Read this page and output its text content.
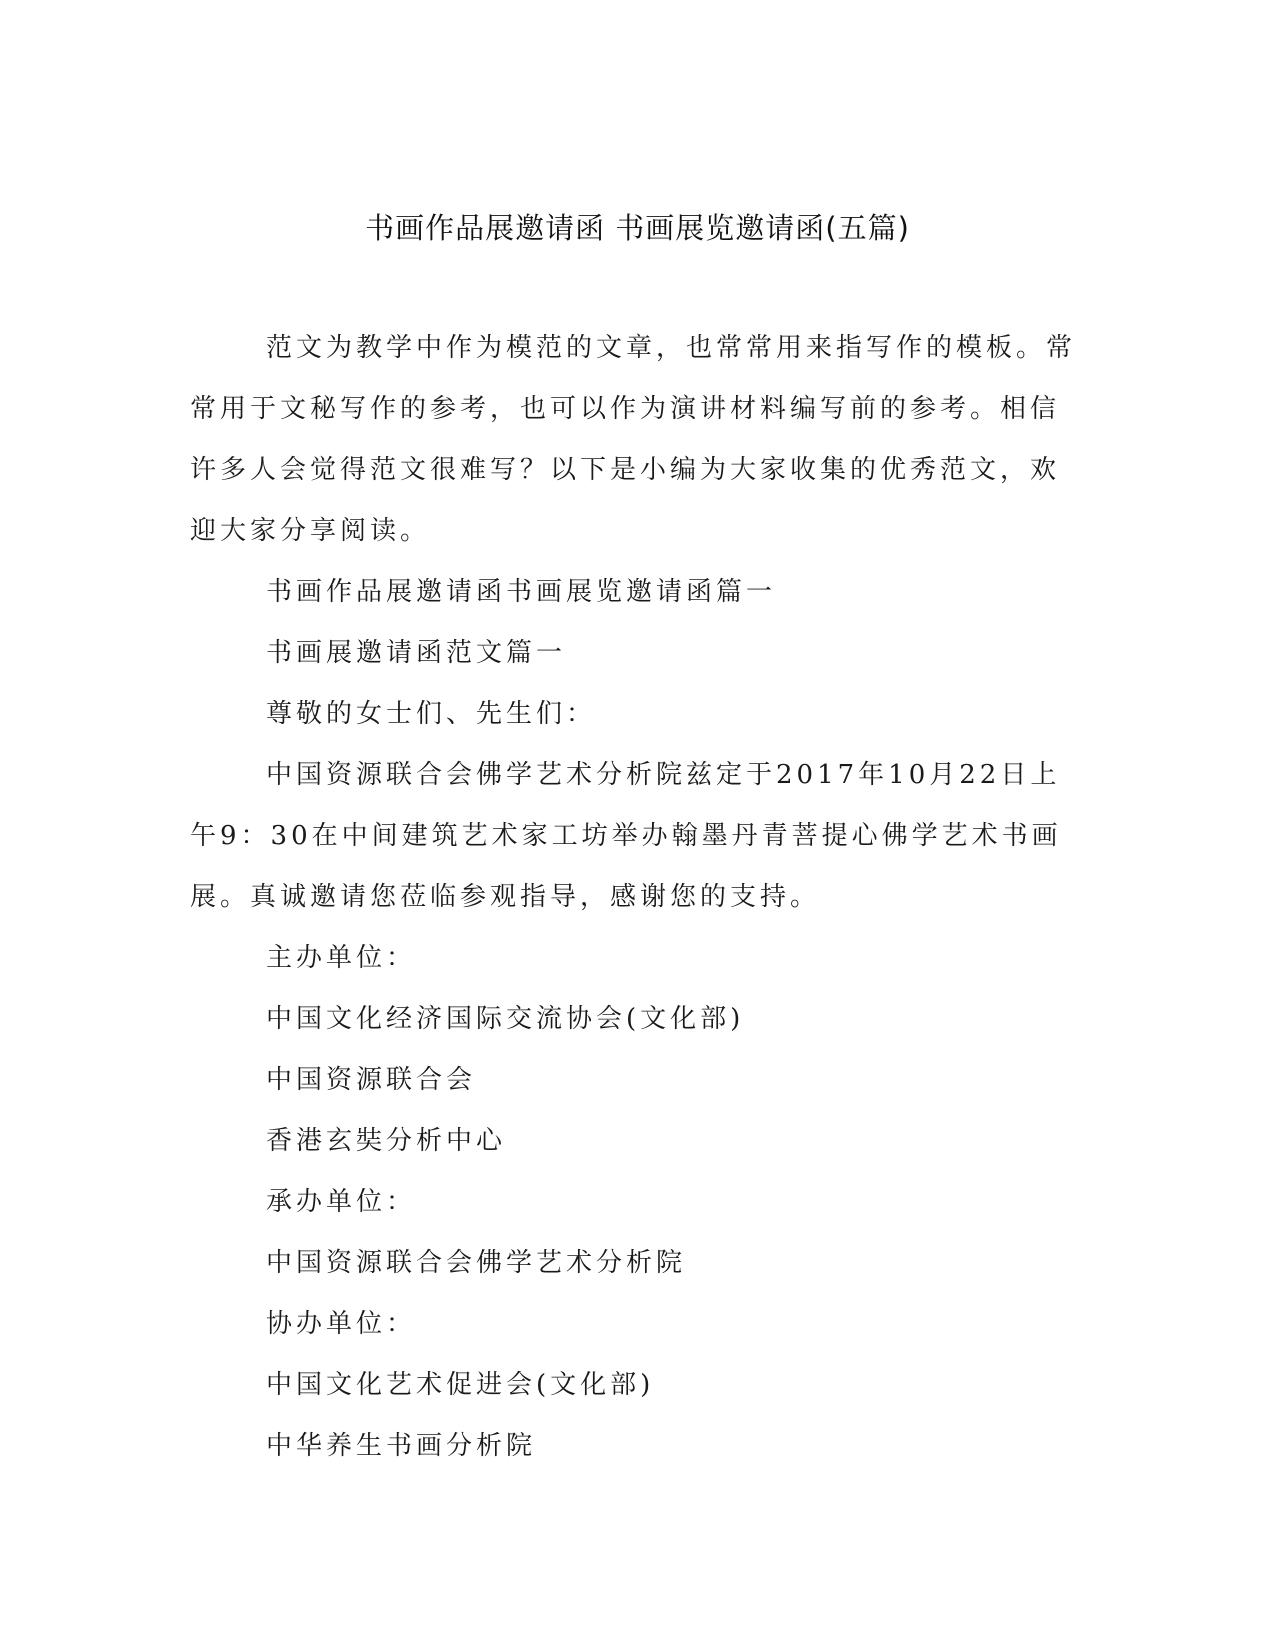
书画作品展邀请函 书画展览邀请函(五篇)

范文为教学中作为模范的文章，也常常用来指写作的模板。常常用于文秘写作的参考，也可以作为演讲材料编写前的参考。相信许多人会觉得范文很难写？以下是小编为大家收集的优秀范文，欢迎大家分享阅读。

书画作品展邀请函书画展览邀请函篇一

书画展邀请函范文篇一

尊敬的女士们、先生们：

中国资源联合会佛学艺术分析院兹定于2017年10月22日上午9：30在中间建筑艺术家工坊举办翰墨丹青菩提心佛学艺术书画展。真诚邀请您莅临参观指导，感谢您的支持。

主办单位：

中国文化经济国际交流协会(文化部)

中国资源联合会

香港玄奘分析中心

承办单位：

中国资源联合会佛学艺术分析院

协办单位：

中国文化艺术促进会(文化部)

中华养生书画分析院
